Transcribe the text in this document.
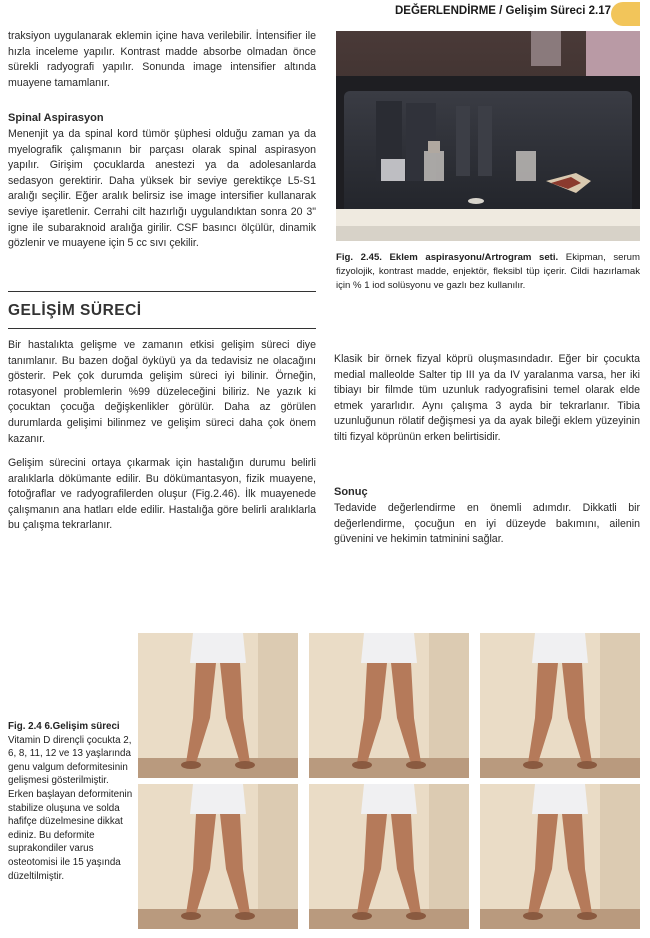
DEĞERLENDİRME / Gelişim Süreci 2.17

traksiyon uygulanarak eklemin içine hava verilebilir. İntensifier ile hızla inceleme yapılır. Kontrast madde absorbe olmadan önce sürekli radyografi yapılır. Sonunda image intensifier altında muayene tamamlanır.

Spinal Aspirasyon

Menenjit ya da spinal kord tümör şüphesi olduğu zaman ya da myelografik çalışmanın bir parçası olarak spinal aspirasyon yapılır. Girişim çocuklarda anestezi ya da adolesanlarda sedasyon gerektirir. Daha yüksek bir seviye gerektikçe L5-S1 aralığı seçilir. Eğer aralık belirsiz ise image intersifier kullanarak seviye işaretlenir. Cerrahi cilt hazırlığı uygulandıktan sonra 20 3" igne ile subaraknoid aralığa girilir. CSF basıncı ölçülür, dinamik gözlenir ve muayene için 5 cc sıvı çekilir.

GELİŞİM SÜRECİ

Bir hastalıkta gelişme ve zamanın etkisi gelişim süreci diye tanımlanır. Bu bazen doğal öyküyü ya da tedavisiz ne olacağını gösterir. Pek çok durumda gelişim süreci iyi bilinir. Örneğin, rotasyonel problemlerin %99 düzeleceğini biliriz. Ne yazık ki çocuktan çocuğa değişkenlikler görülür. Daha az görülen durumlarda gelişimi bilinmez ve gelişim süreci daha çok önem kazanır.

Gelişim sürecini ortaya çıkarmak için hastalığın durumu belirli aralıklarla dökümante edilir. Bu dökümantasyon, fizik muayene, fotoğraflar ve radyografilerden oluşur (Fig.2.46). İlk muayenede çalışmanın ana hatları elde edilir. Hastalığa göre belirli aralıklarla bu çalışma tekrarlanır.

Fig. 2.45. Eklem aspirasyonu/Artrogram seti. Ekipman, serum fizyolojik, kontrast madde, enjektör, fleksibl tüp içerir. Cildi hazırlamak için % 1 iod solüsyonu ve gazlı bez kullanılır.

Klasik bir örnek fizyal köprü oluşmasındadır. Eğer bir çocukta medial malleolde Salter tip III ya da IV yaralanma varsa, her iki tibiayı bir filmde tüm uzunluk radyografisini temel olarak elde etmek yararlıdır. Aynı çalışma 3 ayda bir tekrarlanır. Tibia uzunluğunun rölatif değişmesi ya da ayak bileği eklem yüzeyinin tilti fizyal köprünün erken belirtisidir.

Sonuç

Tedavide değerlendirme en önemli adımdır. Dikkatli bir değerlendirme, çocuğun en iyi düzeyde bakımını, ailenin güvenini ve hekimin tatminini sağlar.

Fig. 2.4 6.Gelişim süreci
Vitamin D dirençli çocukta 2, 6, 8, 11, 12 ve 13 yaşlarında genu valgum deformitesinin gelişmesi gösterilmiştir. Erken başlayan deformitenin stabilize oluşuna ve solda hafifçe düzelmesine dikkat ediniz. Bu deformite suprakondiler varus osteotomisi ile 15 yaşında düzeltilmiştir.
